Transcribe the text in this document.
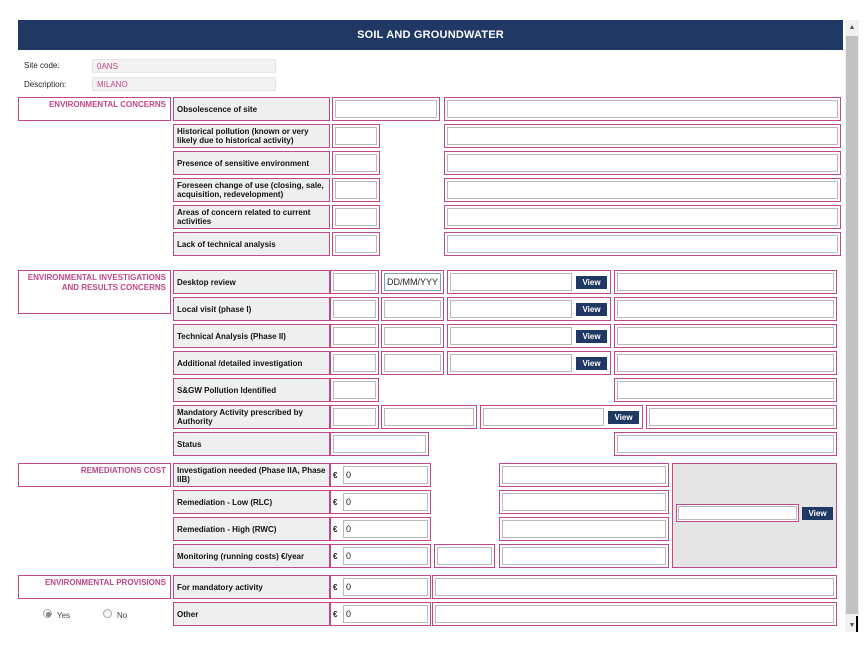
SOIL AND GROUNDWATER
▲
▼
Site code:	0ANS
Description:	MILANO
ENVIRONMENTAL CONCERNS	Obsolescence of site
Historical pollution (known or very likely due to historical activity)
Presence of sensitive environment
Foreseen change of use (closing, sale, acquisition, redevelopment)
Areas of concern related to current activities
Lack of technical analysis
ENVIRONMENTAL INVESTIGATIONS AND RESULTS CONCERNS
Desktop review	DD/MM/YYY	View
Local visit (phase I)	View
Technical Analysis (Phase II)	View
Additional /detailed investigation	View
S&GW Pollution Identified
Mandatory Activity prescribed by Authority	View
Status
REMEDIATIONS COST	Investigation needed (Phase IIA, Phase IIB)	€ 0
Remediation - Low (RLC)	€ 0
Remediation - High (RWC)	€ 0
Monitoring (running costs) €/year	€ 0
View
ENVIRONMENTAL PROVISIONS	For mandatory activity	€ 0
Other	€ 0
Yes	No
